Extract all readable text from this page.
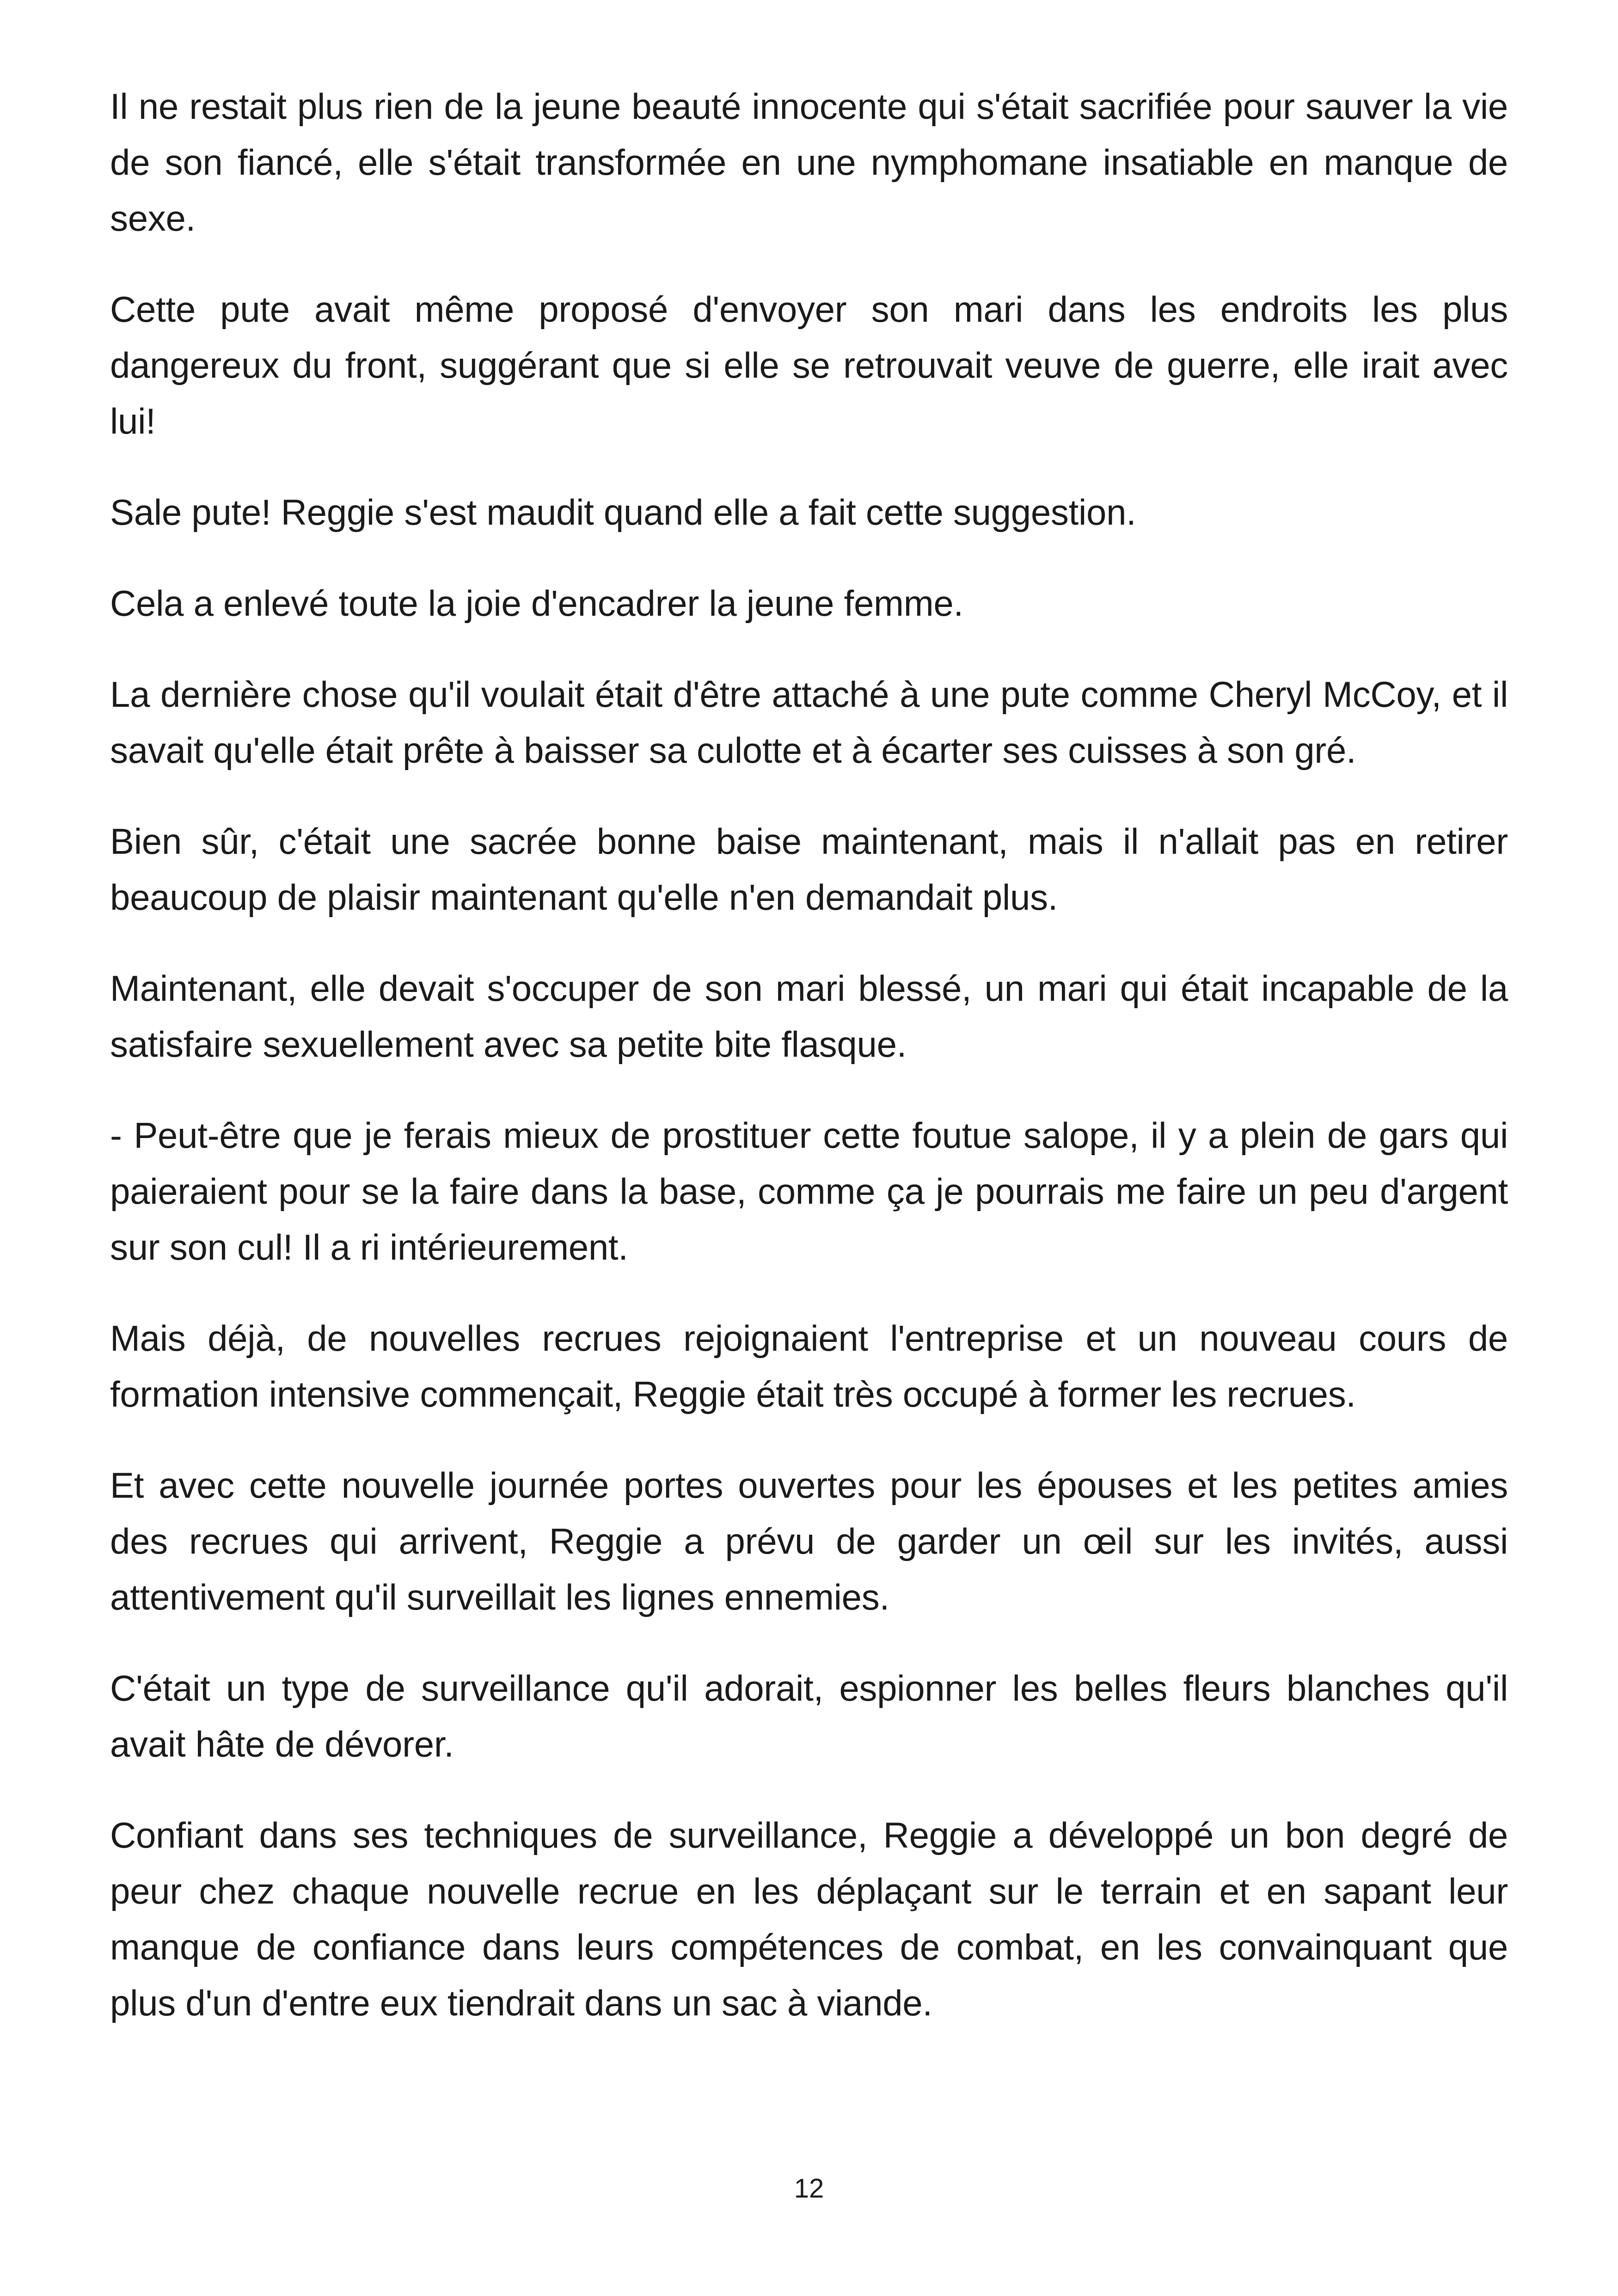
Il ne restait plus rien de la jeune beauté innocente qui s'était sacrifiée pour sauver la vie de son fiancé, elle s'était transformée en une nymphomane insatiable en manque de sexe.

Cette pute avait même proposé d'envoyer son mari dans les endroits les plus dangereux du front, suggérant que si elle se retrouvait veuve de guerre, elle irait avec lui!

Sale pute! Reggie s'est maudit quand elle a fait cette suggestion.

Cela a enlevé toute la joie d'encadrer la jeune femme.

La dernière chose qu'il voulait était d'être attaché à une pute comme Cheryl McCoy, et il savait qu'elle était prête à baisser sa culotte et à écarter ses cuisses à son gré.

Bien sûr, c'était une sacrée bonne baise maintenant, mais il n'allait pas en retirer beaucoup de plaisir maintenant qu'elle n'en demandait plus.

Maintenant, elle devait s'occuper de son mari blessé, un mari qui était incapable de la satisfaire sexuellement avec sa petite bite flasque.

- Peut-être que je ferais mieux de prostituer cette foutue salope, il y a plein de gars qui paieraient pour se la faire dans la base, comme ça je pourrais me faire un peu d'argent sur son cul! Il a ri intérieurement.

Mais déjà, de nouvelles recrues rejoignaient l'entreprise et un nouveau cours de formation intensive commençait, Reggie était très occupé à former les recrues.

Et avec cette nouvelle journée portes ouvertes pour les épouses et les petites amies des recrues qui arrivent, Reggie a prévu de garder un œil sur les invités, aussi attentivement qu'il surveillait les lignes ennemies.

C'était un type de surveillance qu'il adorait, espionner les belles fleurs blanches qu'il avait hâte de dévorer.

Confiant dans ses techniques de surveillance, Reggie a développé un bon degré de peur chez chaque nouvelle recrue en les déplaçant sur le terrain et en sapant leur manque de confiance dans leurs compétences de combat, en les convainquant que plus d'un d'entre eux tiendrait dans un sac à viande.

12
